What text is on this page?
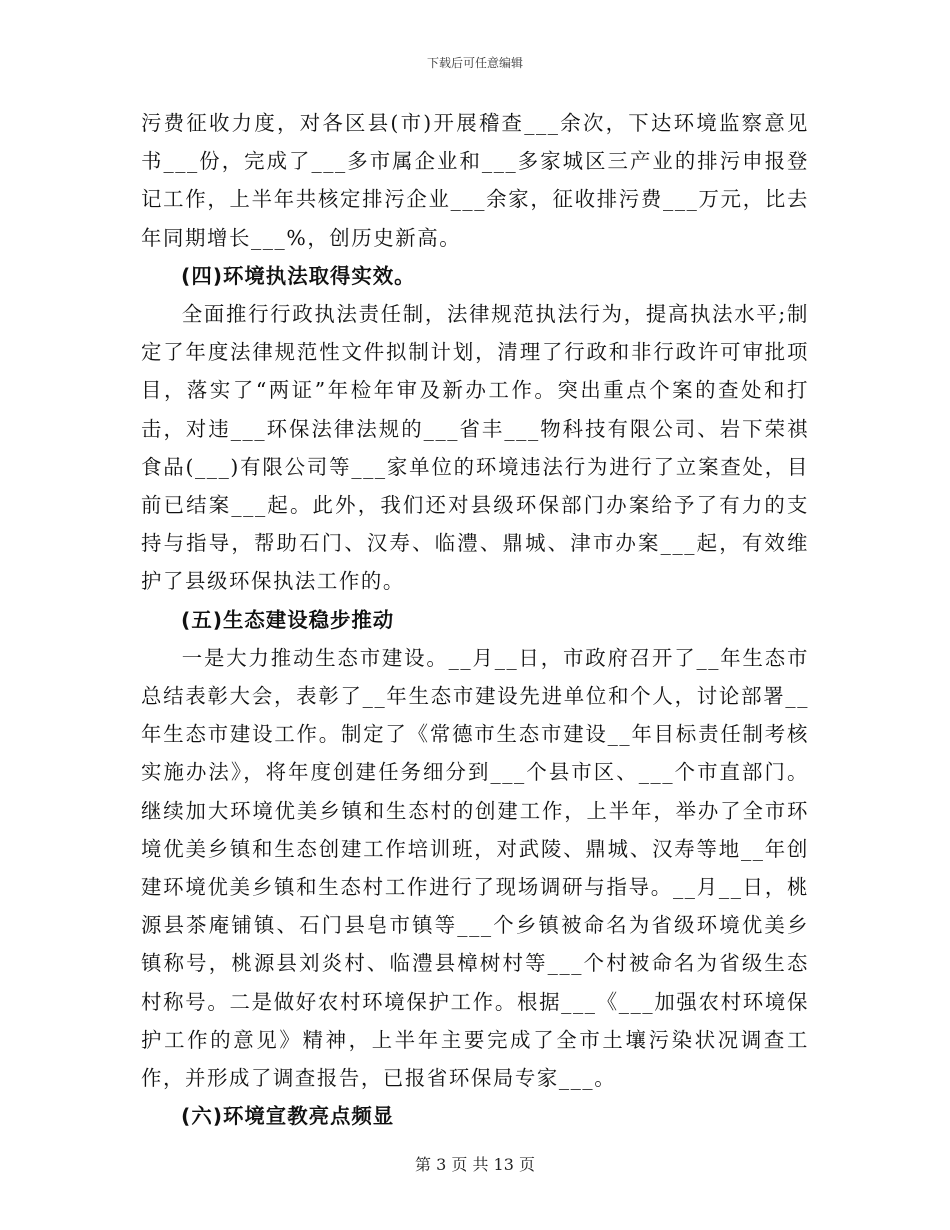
下载后可任意编辑

污费征收力度，对各区县(市)开展稽查___余次，下达环境监察意见书___份，完成了___多市属企业和___多家城区三产业的排污申报登记工作，上半年共核定排污企业___余家，征收排污费___万元，比去年同期增长___%，创历史新高。

(四)环境执法取得实效。

全面推行行政执法责任制，法律规范执法行为，提高执法水平;制定了年度法律规范性文件拟制计划，清理了行政和非行政许可审批项目，落实了“两证”年检年审及新办工作。突出重点个案的查处和打击，对违___环保法律法规的___省丰___物科技有限公司、岩下荣祺食品(___)有限公司等___家单位的环境违法行为进行了立案查处，目前已结案___起。此外，我们还对县级环保部门办案给予了有力的支持与指导，帮助石门、汉寿、临澧、鼎城、津市办案___起，有效维护了县级环保执法工作的。

(五)生态建设稳步推动

一是大力推动生态市建设。__月__日，市政府召开了__年生态市总结表彰大会，表彰了__年生态市建设先进单位和个人，讨论部署__年生态市建设工作。制定了《常德市生态市建设__年目标责任制考核实施办法》，将年度创建任务细分到___个县市区、___个市直部门。继续加大环境优美乡镇和生态村的创建工作，上半年，举办了全市环境优美乡镇和生态创建工作培训班，对武陵、鼎城、汉寿等地__年创建环境优美乡镇和生态村工作进行了现场调研与指导。__月__日，桃源县茶庵铺镇、石门县皂市镇等___个乡镇被命名为省级环境优美乡镇称号，桃源县刘炎村、临澧县樟树村等___个村被命名为省级生态村称号。二是做好农村环境保护工作。根据___《___加强农村环境保护工作的意见》精神，上半年主要完成了全市土壤污染状况调查工作，并形成了调查报告，已报省环保局专家___。

(六)环境宣教亮点频显

第 3 页 共 13 页
